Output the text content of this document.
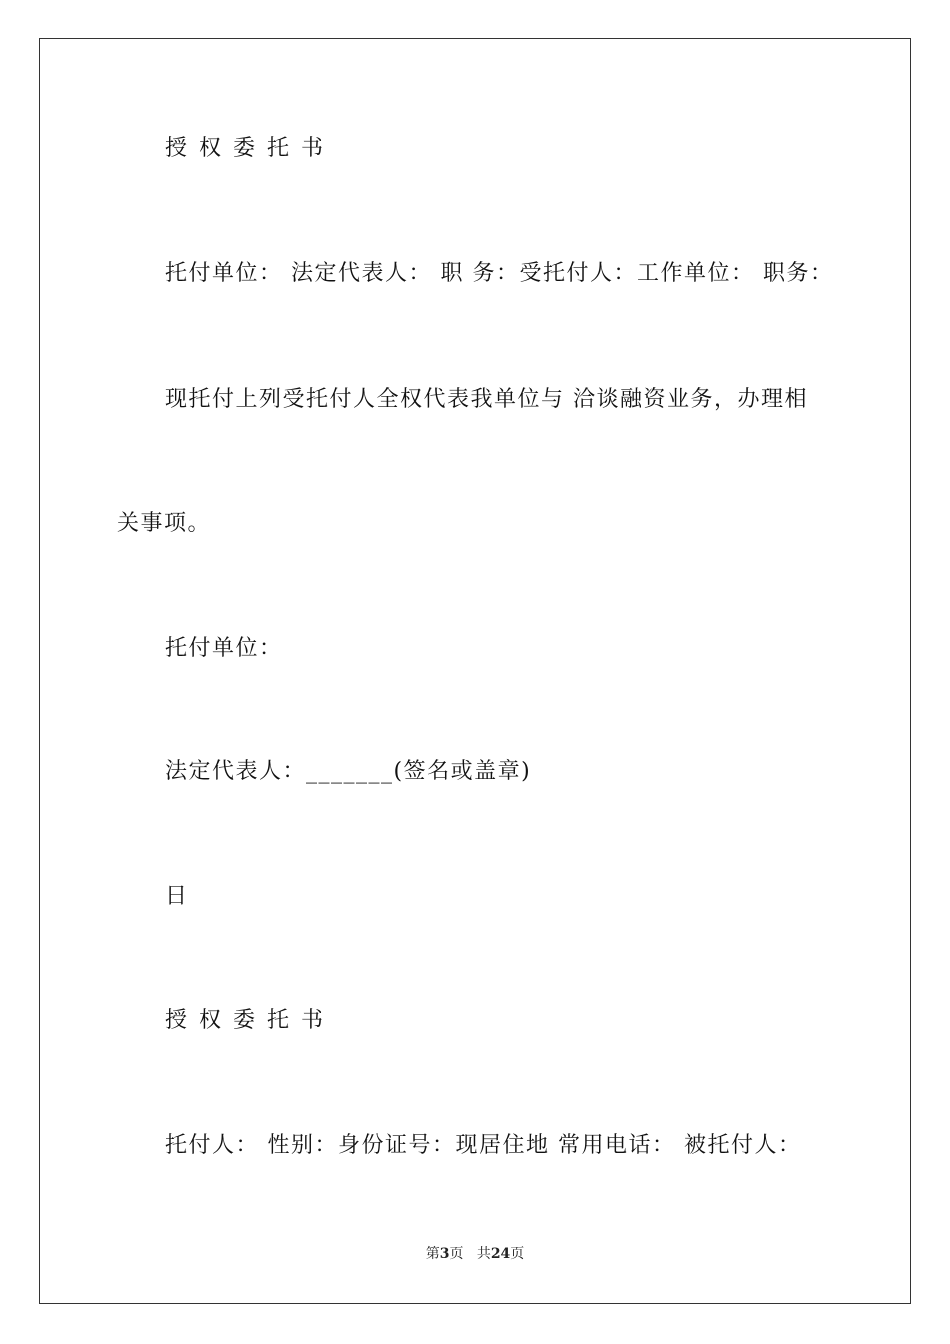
授权委托书
托付单位： 法定代表人： 职 务：受托付人：工作单位： 职务：
现托付上列受托付人全权代表我单位与 洽谈融资业务，办理相
关事项。
托付单位：
法定代表人：_______(签名或盖章)
日
授权委托书
托付人： 性别：身份证号：现居住地 常用电话： 被托付人：
第3页 共24页
